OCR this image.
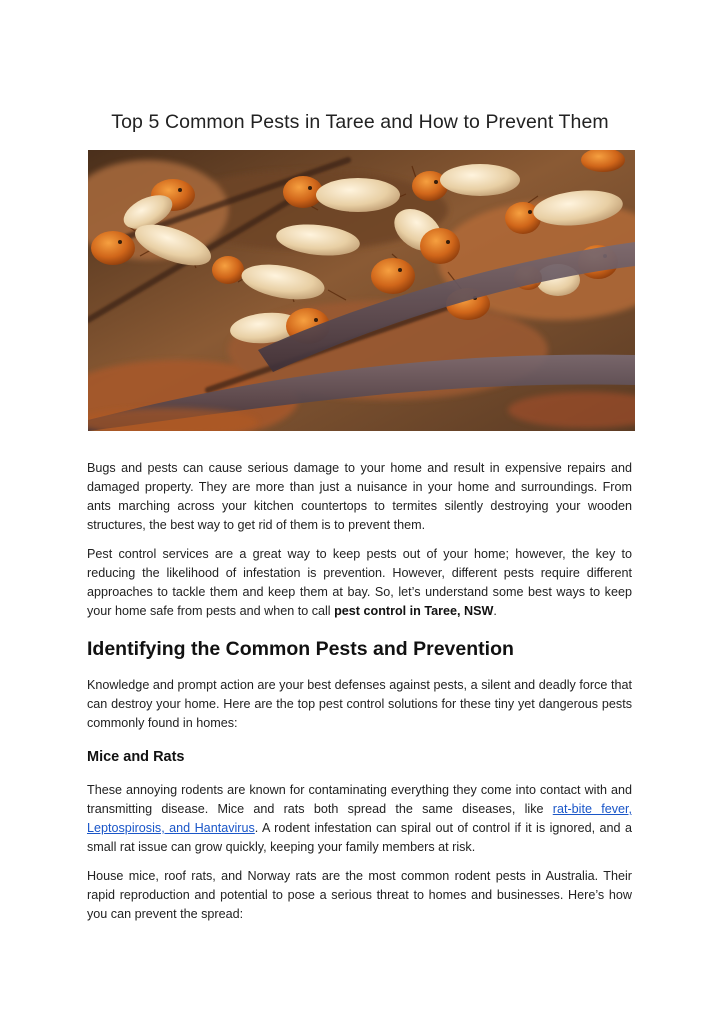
Top 5 Common Pests in Taree and How to Prevent Them

Bugs and pests can cause serious damage to your home and result in expensive repairs and damaged property. They are more than just a nuisance in your home and surroundings. From ants marching across your kitchen countertops to termites silently destroying your wooden structures, the best way to get rid of them is to prevent them.

Pest control services are a great way to keep pests out of your home; however, the key to reducing the likelihood of infestation is prevention. However, different pests require different approaches to tackle them and keep them at bay. So, let’s understand some best ways to keep your home safe from pests and when to call pest control in Taree, NSW.

Identifying the Common Pests and Prevention

Knowledge and prompt action are your best defenses against pests, a silent and deadly force that can destroy your home. Here are the top pest control solutions for these tiny yet dangerous pests commonly found in homes:

Mice and Rats

These annoying rodents are known for contaminating everything they come into contact with and transmitting disease. Mice and rats both spread the same diseases, like rat-bite fever, Leptospirosis, and Hantavirus. A rodent infestation can spiral out of control if it is ignored, and a small rat issue can grow quickly, keeping your family members at risk.

House mice, roof rats, and Norway rats are the most common rodent pests in Australia. Their rapid reproduction and potential to pose a serious threat to homes and businesses. Here’s how you can prevent the spread:
